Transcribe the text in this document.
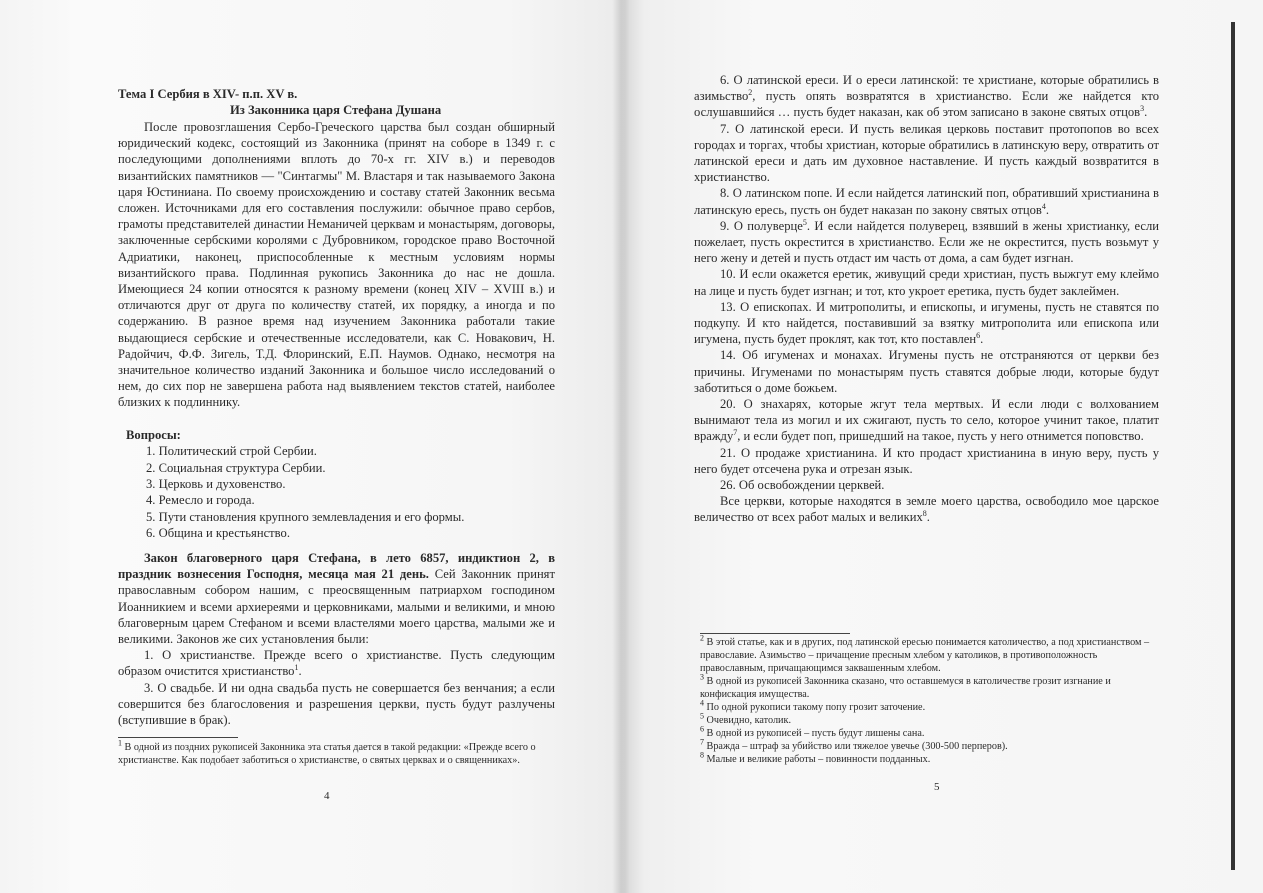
Тема I Сербия в XIV- п.п. XV в.
Из Законника царя Стефана Душана

После провозглашения Сербо-Греческого царства был создан обширный юридический кодекс, состоящий из Законника (принят на соборе в 1349 г. с последующими дополнениями вплоть до 70-х гг. XIV в.) и переводов византийских памятников — "Синтагмы" М. Властаря и так называемого Закона царя Юстиниана. По своему происхождению и составу статей Законник весьма сложен. Источниками для его составления послужили: обычное право сербов, грамоты представителей династии Неманичей церквам и монастырям, договоры, заключенные сербскими королями с Дубровником, городское право Восточной Адриатики, наконец, приспособленные к местным условиям нормы византийского права. Подлинная рукопись Законника до нас не дошла. Имеющиеся 24 копии относятся к разному времени (конец XIV – XVIII в.) и отличаются друг от друга по количеству статей, их порядку, а иногда и по содержанию. В разное время над изучением Законника работали такие выдающиеся сербские и отечественные исследователи, как С. Новакович, Н. Радойчич, Ф.Ф. Зигель, Т.Д. Флоринский, Е.П. Наумов. Однако, несмотря на значительное количество изданий Законника и большое число исследований о нем, до сих пор не завершена работа над выявлением текстов статей, наиболее близких к подлиннику.

Вопросы:

1. Политический строй Сербии.
2. Социальная структура Сербии.
3. Церковь и духовенство.
4. Ремесло и города.
5. Пути становления крупного землевладения и его формы.
6. Община и крестьянство.

Закон благоверного царя Стефана, в лето 6857, индиктион 2, в праздник вознесения Господня, месяца мая 21 день. Сей Законник принят православным собором нашим, с преосвященным патриархом господином Иоанникием и всеми архиереями и церковниками, малыми и великими, и мною благоверным царем Стефаном и всеми властелями моего царства, малыми же и великими. Законов же сих установления были:

1. О христианстве. Прежде всего о христианстве. Пусть следующим образом очистится христианство$^1$.

3. О свадьбе. И ни одна свадьба пусть не совершается без венчания; а если совершится без благословения и разрешения церкви, пусть будут разлучены (вступившие в брак).

$^1$ В одной из поздних рукописей Законника эта статья дается в такой редакции: «Прежде всего о христианстве. Как подобает заботиться о христианстве, о святых церквах и о священниках».

4

6. О латинской ереси. И о ереси латинской: те христиане, которые обратились в азимьство$^2$, пусть опять возвратятся в христианство. Если же найдется кто ослушавшийся … пусть будет наказан, как об этом записано в законе святых отцов$^3$.

7. О латинской ереси. И пусть великая церковь поставит протопопов во всех городах и торгах, чтобы христиан, которые обратились в латинскую веру, отвратить от латинской ереси и дать им духовное наставление. И пусть каждый возвратится в христианство.

8. О латинском попе. И если найдется латинский поп, обративший христианина в латинскую ересь, пусть он будет наказан по закону святых отцов$^4$.

9. О полуверце$^5$. И если найдется полуверец, взявший в жены христианку, если пожелает, пусть окрестится в христианство. Если же не окрестится, пусть возьмут у него жену и детей и пусть отдаст им часть от дома, а сам будет изгнан.

10. И если окажется еретик, живущий среди христиан, пусть выжгут ему клеймо на лице и пусть будет изгнан; и тот, кто укроет еретика, пусть будет заклеймен.

13. О епископах. И митрополиты, и епископы, и игумены, пусть не ставятся по подкупу. И кто найдется, поставивший за взятку митрополита или епископа или игумена, пусть будет проклят, как тот, кто поставлен$^6$.

14. Об игуменах и монахах. Игумены пусть не отстраняются от церкви без причины. Игуменами по монастырям пусть ставятся добрые люди, которые будут заботиться о доме божьем.

20. О знахарях, которые жгут тела мертвых. И если люди с волхованием вынимают тела из могил и их сжигают, пусть то село, которое учинит такое, платит вражду$^7$, и если будет поп, пришедший на такое, пусть у него отнимется поповство.

21. О продаже христианина. И кто продаст христианина в иную веру, пусть у него будет отсечена рука и отрезан язык.

26. Об освобождении церквей.

Все церкви, которые находятся в земле моего царства, освободило мое царское величество от всех работ малых и великих$^8$.

$^2$ В этой статье, как и в других, под латинской ересью понимается католичество, а под христианством – православие. Азимьство – причащение пресным хлебом у католиков, в противоположность православным, причащающимся заквашенным хлебом.

$^3$ В одной из рукописей Законника сказано, что оставшемуся в католичестве грозит изгнание и конфискация имущества.

$^4$ По одной рукописи такому попу грозит заточение.

$^5$ Очевидно, католик.

$^6$ В одной из рукописей – пусть будут лишены сана.

$^7$ Вражда – штраф за убийство или тяжелое увечье (300-500 перперов).

$^8$ Малые и великие работы – повинности подданных.

5
